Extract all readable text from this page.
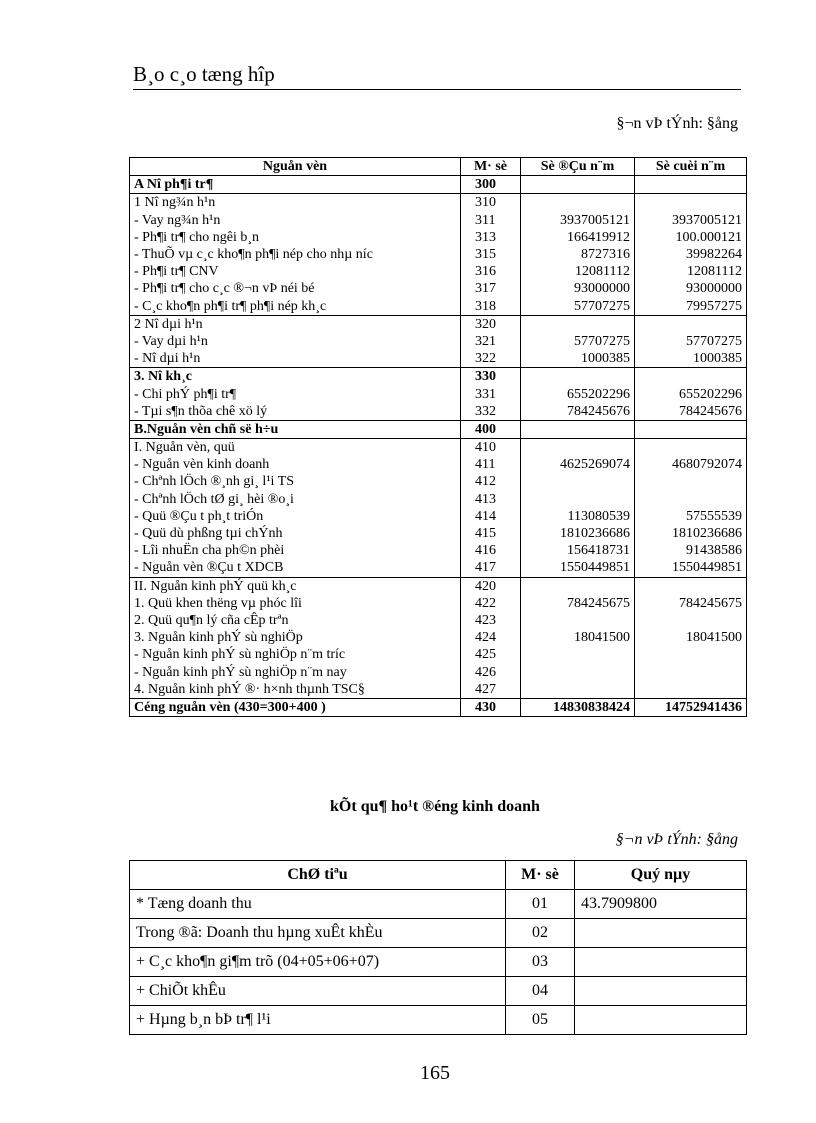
B¸o c¸o tæng hîp
§¬n vÞ tÝnh: §ång
Nguån vèn	M· sè	Sè ®Çu n¨m	Sè cuèi n¨m
A Nî ph¶i tr¶	300		
1 Nî ng¾n h¹n	310		
- Vay ng¾n h¹n	311	3937005121	3937005121
- Ph¶i tr¶ cho ngêi b¸n	313	166419912	100.000121
- ThuÕ vµ c¸c kho¶n ph¶i nép cho nhµ níc	315	8727316	39982264
- Ph¶i tr¶ CNV	316	12081112	12081112
- Ph¶i tr¶ cho c¸c ®¬n vÞ néi bé	317	93000000	93000000
- C¸c kho¶n ph¶i tr¶ ph¶i nép kh¸c	318	57707275	79957275
2 Nî dµi h¹n	320		
- Vay dµi h¹n	321	57707275	57707275
- Nî dµi h¹n	322	1000385	1000385
3. Nî kh¸c	330		
- Chi phÝ ph¶i tr¶	331	655202296	655202296
- Tµi s¶n thõa chê xö lý	332	784245676	784245676
B.Nguån vèn chñ së h÷u	400		
I. Nguån vèn, quü	410		
- Nguån vèn kinh doanh	411	4625269074	4680792074
- Chªnh lÖch ®¸nh gi¸ l¹i TS	412		
- Chªnh lÖch tØ gi¸ hèi ®o¸i	413		
- Quü ®Çu t ph¸t triÓn	414	113080539	57555539
- Quü dù phßng tµi chÝnh	415	1810236686	1810236686
- Lîi nhuËn cha ph©n phèi	416	156418731	91438586
- Nguån vèn ®Çu t XDCB	417	1550449851	1550449851
II. Nguån kinh phÝ quü kh¸c	420		
1. Quü khen thëng vµ phóc lîi	422	784245675	784245675
2. Quü qu¶n lý cña cÊp trªn	423		
3. Nguån kinh phÝ sù nghiÖp	424	18041500	18041500
- Nguån kinh phÝ sù nghiÖp n¨m tríc	425		
- Nguån kinh phÝ sù nghiÖp n¨m nay	426		
4. Nguån kinh phÝ ®· h×nh thµnh TSC§	427		
Céng nguån vèn (430=300+400 )	430	14830838424	14752941436
kÕt qu¶ ho¹t ®éng kinh doanh
§¬n vÞ tÝnh: §ång
ChØ tiªu	M· sè	Quý nµy
* Tæng doanh thu	01	43.7909800
Trong ®ã: Doanh thu hµng xuÊt khÈu	02	
+ C¸c kho¶n gi¶m trõ (04+05+06+07)	03	
+ ChiÕt khÊu	04	
+ Hµng b¸n bÞ tr¶ l¹i	05	
165
